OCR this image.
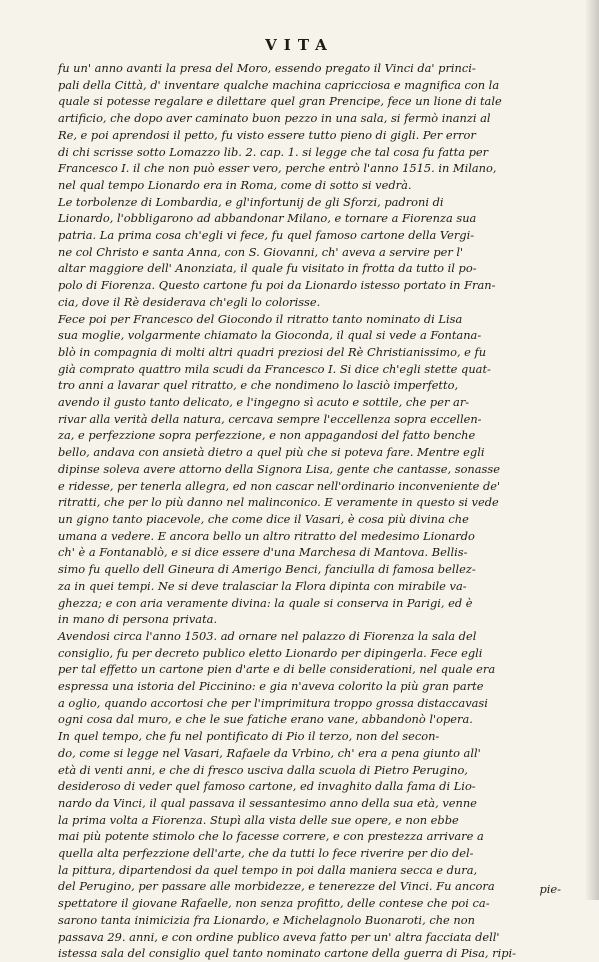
VITA
fu un' anno avanti la presa del Moro, essendo pregato il Vinci da' princi-
pali della Città, d' inventare qualche machina capricciosa e magnifica con la
quale si potesse regalare e dilettare quel gran Prencipe, fece un lione di tale
artificio, che dopo aver caminato buon pezzo in una sala, si fermò inanzi al
Re, e poi aprendosi il petto, fu visto essere tutto pieno di gigli. Per error
di chi scrisse sotto Lomazzo lib. 2. cap. 1. si legge che tal cosa fu fatta per
Francesco I. il che non può esser vero, perche entrò l'anno 1515. in Milano,
nel qual tempo Lionardo era in Roma, come di sotto si vedrà.
Le torbolenze di Lombardia, e gl'infortunij de gli Sforzi, padroni di
Lionardo, l'obbligarono ad abbandonar Milano, e tornare a Fiorenza sua
patria. La prima cosa ch'egli vi fece, fu quel famoso cartone della Vergi-
ne col Christo e santa Anna, con S. Giovanni, ch' aveva a servire per l'
altar maggiore dell' Anonziata, il quale fu visitato in frotta da tutto il po-
polo di Fiorenza. Questo cartone fu poi da Lionardo istesso portato in Fran-
cia, dove il Rè desiderava ch'egli lo colorisse.
Fece poi per Francesco del Giocondo il ritratto tanto nominato di Lisa
sua moglie, volgarmente chiamato la Gioconda, il qual si vede a Fontana-
blò in compagnia di molti altri quadri preziosi del Rè Christianissimo, e fu
già comprato quattro mila scudi da Francesco I. Si dice ch'egli stette quat-
tro anni a lavarar quel ritratto, e che nondimeno lo lasciò imperfetto,
avendo il gusto tanto delicato, e l'ingegno sì acuto e sottile, che per ar-
rivar alla verità della natura, cercava sempre l'eccellenza sopra eccellen-
za, e perfezzione sopra perfezzione, e non appagandosi del fatto benche
bello, andava con ansietà dietro a quel più che si poteva fare. Mentre egli
dipinse soleva avere attorno della Signora Lisa, gente che cantasse, sonasse
e ridesse, per tenerla allegra, ed non cascar nell'ordinario inconveniente de'
ritratti, che per lo più danno nel malinconico. E veramente in questo si vede
un gigno tanto piacevole, che come dice il Vasari, è cosa più divina che
umana a vedere. E ancora bello un altro ritratto del medesimo Lionardo
ch' è a Fontanablò, e si dice essere d'una Marchesa di Mantova. Bellis-
simo fu quello dell Gineura di Amerigo Benci, fanciulla di famosa bellez-
za in quei tempi. Ne si deve tralasciar la Flora dipinta con mirabile va-
ghezza; e con aria veramente divina: la quale si conserva in Parigi, ed è
in mano di persona privata.
Avendosi circa l'anno 1503. ad ornare nel palazzo di Fiorenza la sala del
consiglio, fu per decreto publico eletto Lionardo per dipingerla. Fece egli
per tal effetto un cartone pien d'arte e di belle considerationi, nel quale era
espressa una istoria del Piccinino: e gia n'aveva colorito la più gran parte
a oglio, quando accortosi che per l'imprimitura troppo grossa distaccavasi
ogni cosa dal muro, e che le sue fatiche erano vane, abbandonò l'opera.
In quel tempo, che fu nel pontificato di Pio il terzo, non del secon-
do, come si legge nel Vasari, Rafaele da Vrbino, ch' era a pena giunto all'
età di venti anni, e che di fresco usciva dalla scuola di Pietro Perugino,
desideroso di veder quel famoso cartone, ed invaghito dalla fama di Lio-
nardo da Vinci, il qual passava il sessantesimo anno della sua età, venne
la prima volta a Fiorenza. Stupì alla vista delle sue opere, e non ebbe
mai più potente stimolo che lo facesse correre, e con prestezza arrivare a
quella alta perfezzione dell'arte, che da tutti lo fece riverire per dio del-
la pittura, dipartendosi da quel tempo in poi dalla maniera secca e dura,
del Perugino, per passare alle morbidezze, e tenerezze del Vinci. Fu ancora
spettatore il giovane Rafaelle, non senza profitto, delle contese che poi ca-
sarono tanta inimicizia fra Lionardo, e Michelagnolo Buonaroti, che non
passava 29. anni, e con ordine publico aveva fatto per un' altra facciata dell'
istessa sala del consiglio quel tanto nominato cartone della guerra di Pisa, ripi-
pie-
